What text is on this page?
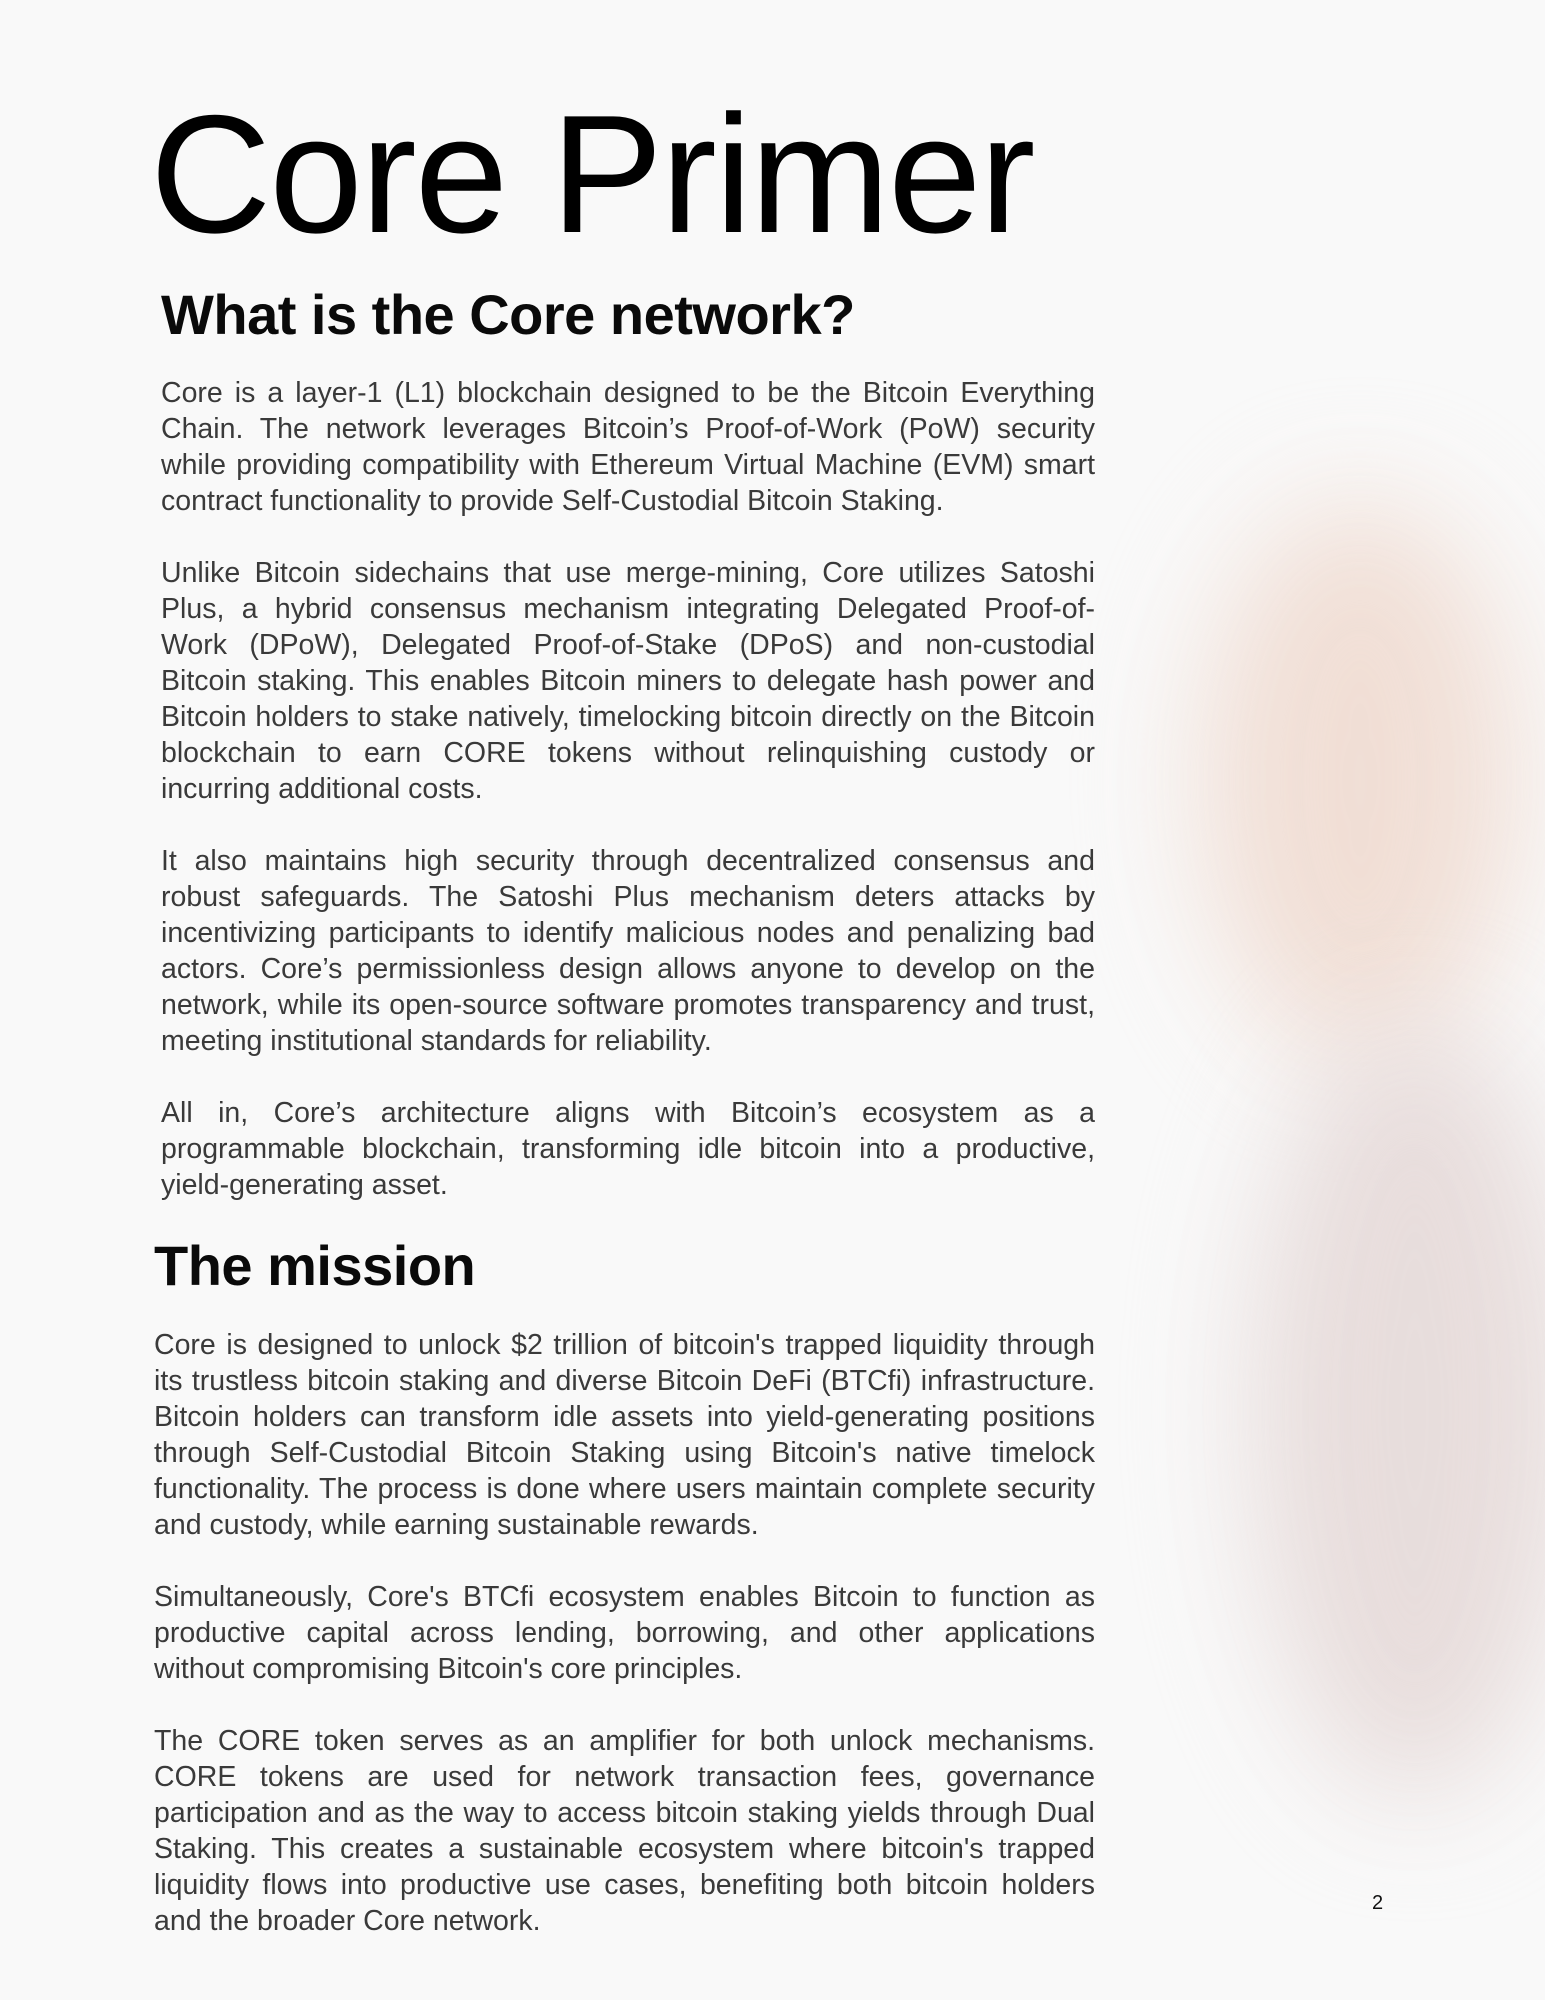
Core Primer
What is the Core network?

Core is a layer-1 (L1) blockchain designed to be the Bitcoin Everything Chain. The network leverages Bitcoin’s Proof-of-Work (PoW) security while providing compatibility with Ethereum Virtual Machine (EVM) smart contract functionality to provide Self-Custodial Bitcoin Staking.

Unlike Bitcoin sidechains that use merge-mining, Core utilizes Satoshi Plus, a hybrid consensus mechanism integrating Delegated Proof-of-Work (DPoW), Delegated Proof-of-Stake (DPoS) and non-custodial Bitcoin staking. This enables Bitcoin miners to delegate hash power and Bitcoin holders to stake natively, timelocking bitcoin directly on the Bitcoin blockchain to earn CORE tokens without relinquishing custody or incurring additional costs.

It also maintains high security through decentralized consensus and robust safeguards. The Satoshi Plus mechanism deters attacks by incentivizing participants to identify malicious nodes and penalizing bad actors. Core’s permissionless design allows anyone to develop on the network, while its open-source software promotes transparency and trust, meeting institutional standards for reliability.

All in, Core’s architecture aligns with Bitcoin’s ecosystem as a programmable blockchain, transforming idle bitcoin into a productive, yield-generating asset.

The mission

Core is designed to unlock $2 trillion of bitcoin's trapped liquidity through its trustless bitcoin staking and diverse Bitcoin DeFi (BTCfi) infrastructure. Bitcoin holders can transform idle assets into yield-generating positions through Self-Custodial Bitcoin Staking using Bitcoin's native timelock functionality. The process is done where users maintain complete security and custody, while earning sustainable rewards.

Simultaneously, Core's BTCfi ecosystem enables Bitcoin to function as productive capital across lending, borrowing, and other applications without compromising Bitcoin's core principles.

The CORE token serves as an amplifier for both unlock mechanisms. CORE tokens are used for network transaction fees, governance participation and as the way to access bitcoin staking yields through Dual Staking. This creates a sustainable ecosystem where bitcoin's trapped liquidity flows into productive use cases, benefiting both bitcoin holders and the broader Core network.

2
